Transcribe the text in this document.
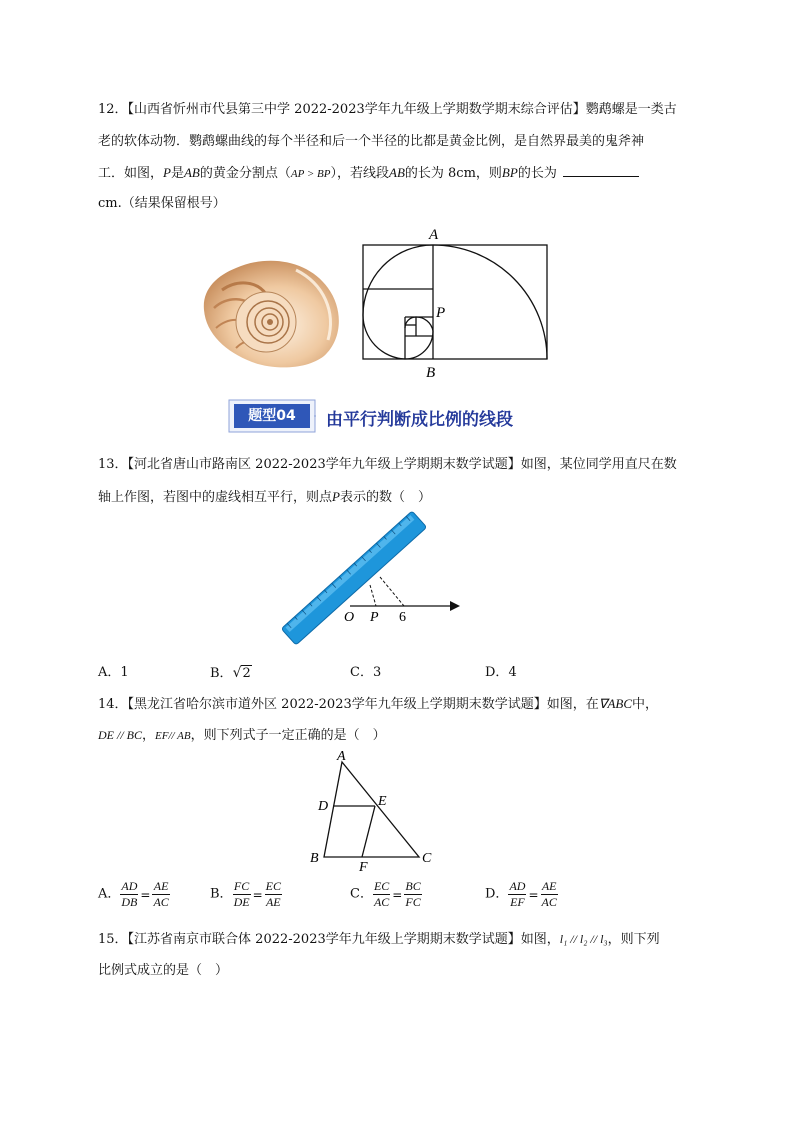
12．【山西省忻州市代县第三中学 2022-2023学年九年级上学期数学期末综合评估】鹦鹉螺是一类古
老的软体动物．鹦鹉螺曲线的每个半径和后一个半径的比都是黄金比例，是自然界最美的鬼斧神
工．如图，P是AB的黄金分割点（AP > BP），若线段AB的长为 8cm，则BP的长为
cm.（结果保留根号）
A
P
B
题型04	由平行判断成比例的线段
13．【河北省唐山市路南区 2022-2023学年九年级上学期期末数学试题】如图，某位同学用直尺在数
轴上作图，若图中的虚线相互平行，则点P表示的数（　）
O P 6
A．1	B．√2	C．3	D．4
14．【黑龙江省哈尔滨市道外区 2022-2023学年九年级上学期期末数学试题】如图，在∇ABC中，
DE // BC，EF// AB，则下列式子一定正确的是（　）
A
D	E
B
F
C
A． $\frac{AD}{DB} = \frac{AE}{AC}$	B． $\frac{FC}{DE} = \frac{EC}{AE}$	C． $\frac{EC}{AC} = \frac{BC}{FC}$	D． $\frac{AD}{EF} = \frac{AE}{AC}$
15．【江苏省南京市联合体 2022-2023学年九年级上学期期末数学试题】如图，l₁ // l₂ // l₃，则下列
比例式成立的是（　）
